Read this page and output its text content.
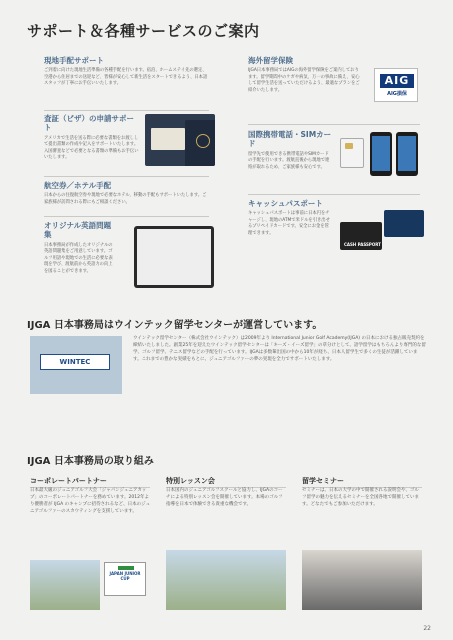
サポート＆各種サービスのご案内
現地手配サポート
ご到着に向けた現地生活準備の各種手配を行います。宿泊、ホームステイ先の選定、空港から住居までの送迎など、皆様が安心して新生活をスタートできるよう、日本語スタッフが丁寧にお手伝いいたします。
査証（ビザ）の申請サポート
アメリカで生活を送る際に必要な書類をお渡しして提出書類の作成や記入をサポートいたします。入国審査などで必要となる書類の準備もお手伝いいたします。
航空券／ホテル手配
日本からの往復航空券や現地で必要なホテル、移動の手配もサポートいたします。ご家族様が訪問される際にもご相談ください。
オリジナル英語問題集
日本事務局が作成したオリジナルの英語問題集をご用意しています。ゴルフ用語や現地での生活に必要な表現を学び、渡航前から英語力の向上を図ることができます。
海外留学保険
IJGA日本事務局ではAIGの海外留学保険をご案内しております。留学期間中のケガや病気、万一の事故に備え、安心して留学生活を送っていただけるよう、最適なプランをご紹介いたします。
AIG
AIG損保
国際携帯電話・SIMカード
留学先で使用できる携帯電話やSIMカードの手配を行います。渡航直後から現地で連絡が取れるため、ご家族様も安心です。
キャッシュパスポート
キャッシュパスポートは事前に日本円をチャージし、現地のATMで米ドルを引き出せるプリペイドカードです。安全にお金を管理できます。
CASH PASSPORT
IJGA 日本事務局はウインテック留学センターが運営しています。
WINTEC
ウインテック留学センター（株式会社ウインテック）は2009年より International Junior Golf Academy(IJGA) の日本における独占販売契約を締結いたしました。創業25年を迎えたウインテック留学センターは「キーズ・イーズ留学」の草分けとして、語学留学はもちろんより専門的な留学、ゴルフ留学、テニス留学などの手配を行っています。IJGAは多数輩出国の中から10年が経ち、日本人留学生で多くの生徒が活躍しています。これまでの豊かな実績をもとに、ジュニアゴルファーの夢の実現を全力でサポートいたします。
IJGA 日本事務局の取り組み
コーポレートパートナー
日本最大級のジュニアゴルフ大会「ジャパンジュニアカップ」のコーポレートパートナーを務めています。2012年より優勝者が IJGA のキャンプに招待されるなど、日本のジュニアゴルファーのスカウティングを支援しています。
特別レッスン会
日本国内のジュニアゴルフスクールと協力し、IJGAのコーチによる特別レッスン会を開催しています。本場のゴルフ指導を日本で体験できる貴重な機会です。
留学セミナー
セミナーは、日本の大学の中で開催される説明会や、ゴルフ留学の魅力を伝えるセミナーを全国各地で開催しています。どなたでもご参加いただけます。
JAPAN JUNIOR CUP
22
